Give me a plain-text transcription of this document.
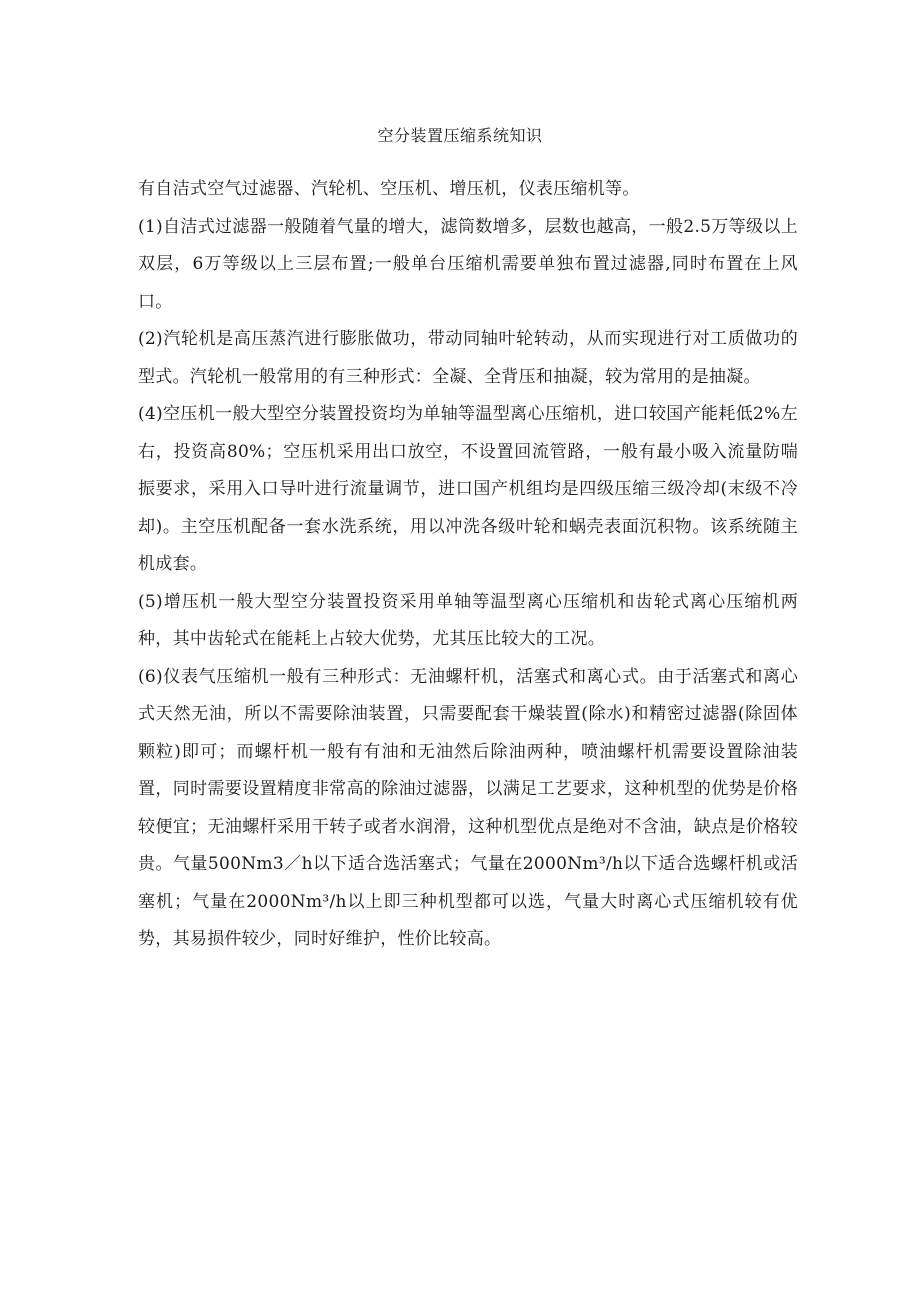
空分装置压缩系统知识

有自洁式空气过滤器、汽轮机、空压机、增压机，仪表压缩机等。

(1)自洁式过滤器一般随着气量的增大，滤筒数增多，层数也越高，一般2.5万等级以上双层，6万等级以上三层布置;一般单台压缩机需要单独布置过滤器,同时布置在上风口。

(2)汽轮机是高压蒸汽进行膨胀做功，带动同轴叶轮转动，从而实现进行对工质做功的型式。汽轮机一般常用的有三种形式：全凝、全背压和抽凝，较为常用的是抽凝。

(4)空压机一般大型空分装置投资均为单轴等温型离心压缩机，进口较国产能耗低2%左右，投资高80%；空压机采用出口放空，不设置回流管路，一般有最小吸入流量防喘振要求，采用入口导叶进行流量调节，进口国产机组均是四级压缩三级冷却(末级不冷却)。主空压机配备一套水洗系统，用以冲洗各级叶轮和蜗壳表面沉积物。该系统随主机成套。

(5)增压机一般大型空分装置投资采用单轴等温型离心压缩机和齿轮式离心压缩机两种，其中齿轮式在能耗上占较大优势，尤其压比较大的工况。

(6)仪表气压缩机一般有三种形式：无油螺杆机，活塞式和离心式。由于活塞式和离心式天然无油，所以不需要除油装置，只需要配套干燥装置(除水)和精密过滤器(除固体颗粒)即可；而螺杆机一般有有油和无油然后除油两种，喷油螺杆机需要设置除油装置，同时需要设置精度非常高的除油过滤器，以满足工艺要求，这种机型的优势是价格较便宜；无油螺杆采用干转子或者水润滑，这种机型优点是绝对不含油，缺点是价格较贵。气量500Nm3／h以下适合选活塞式；气量在2000Nm³/h以下适合选螺杆机或活塞机；气量在2000Nm³/h以上即三种机型都可以选，气量大时离心式压缩机较有优势，其易损件较少，同时好维护，性价比较高。
